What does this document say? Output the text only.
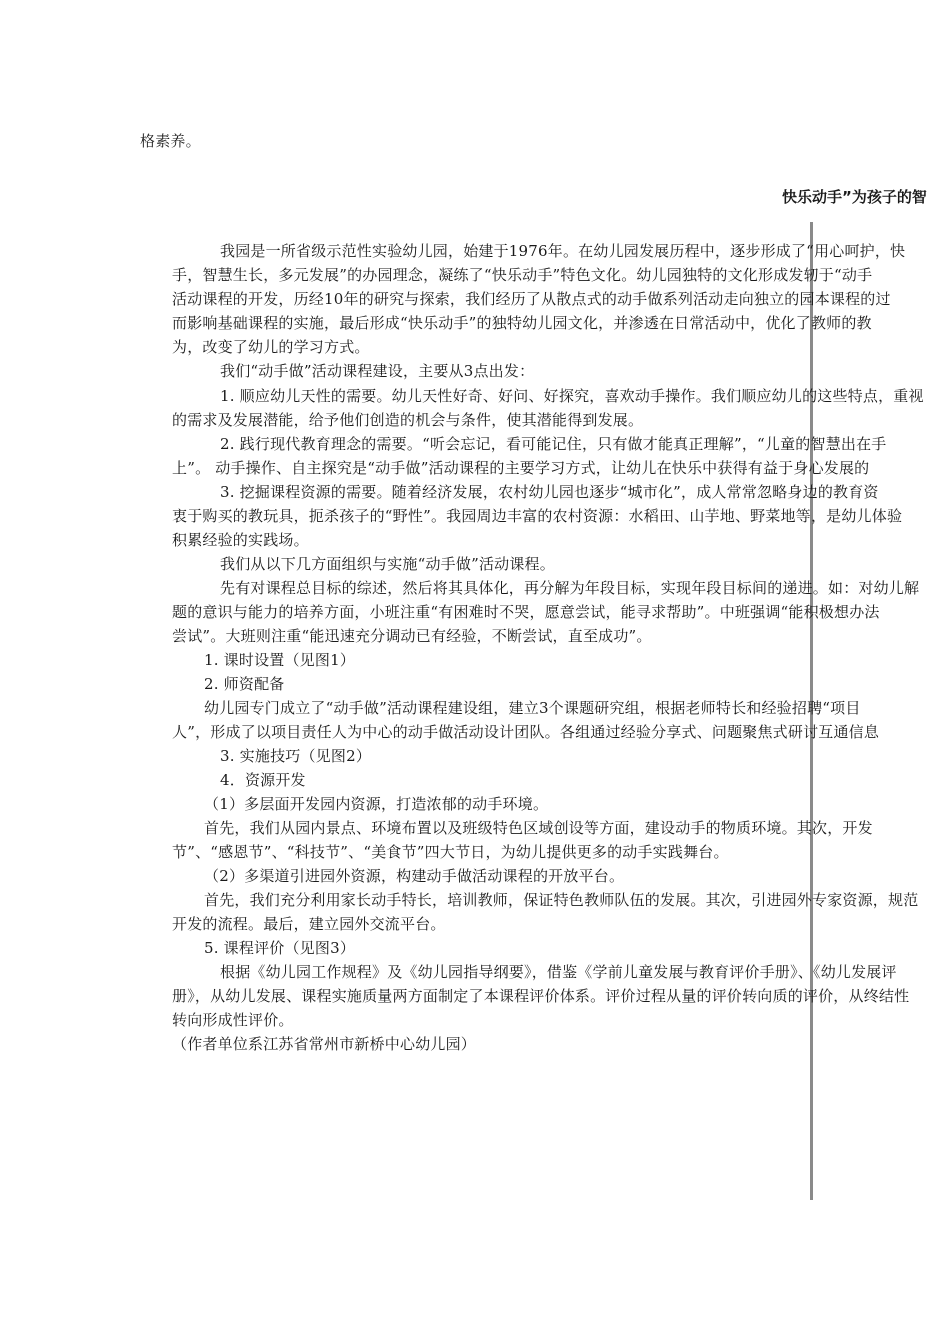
格素养。
快乐动手”为孩子的智
我园是一所省级示范性实验幼儿园，始建于1976年。在幼儿园发展历程中，逐步形成了“用心呵护，快
手，智慧生长，多元发展”的办园理念，凝练了“快乐动手”特色文化。幼儿园独特的文化形成发轫于“动手
活动课程的开发，历经10年的研究与探索，我们经历了从散点式的动手做系列活动走向独立的园本课程的过
而影响基础课程的实施，最后形成“快乐动手”的独特幼儿园文化，并渗透在日常活动中，优化了教师的教
为，改变了幼儿的学习方式。
我们“动手做”活动课程建设，主要从3点出发：
1. 顺应幼儿天性的需要。幼儿天性好奇、好问、好探究，喜欢动手操作。我们顺应幼儿的这些特点，重视
的需求及发展潜能，给予他们创造的机会与条件，使其潜能得到发展。
2. 践行现代教育理念的需要。“听会忘记，看可能记住，只有做才能真正理解”，“儿童的智慧出在手
上”。 动手操作、自主探究是“动手做”活动课程的主要学习方式，让幼儿在快乐中获得有益于身心发展的
3. 挖掘课程资源的需要。随着经济发展，农村幼儿园也逐步“城市化”，成人常常忽略身边的教育资
衷于购买的教玩具，扼杀孩子的“野性”。我园周边丰富的农村资源：水稻田、山芋地、野菜地等，是幼儿体验
积累经验的实践场。
我们从以下几方面组织与实施“动手做”活动课程。
先有对课程总目标的综述，然后将其具体化，再分解为年段目标，实现年段目标间的递进。如：对幼儿解
题的意识与能力的培养方面，小班注重“有困难时不哭，愿意尝试，能寻求帮助”。中班强调“能积极想办法
尝试”。大班则注重“能迅速充分调动已有经验，不断尝试，直至成功”。
1. 课时设置（见图1）
2. 师资配备
幼儿园专门成立了“动手做”活动课程建设组，建立3个课题研究组，根据老师特长和经验招聘“项目
人”，形成了以项目责任人为中心的动手做活动设计团队。各组通过经验分享式、问题聚焦式研讨互通信息
3. 实施技巧（见图2）
4．资源开发
（1）多层面开发园内资源，打造浓郁的动手环境。
首先，我们从园内景点、环境布置以及班级特色区域创设等方面，建设动手的物质环境。其次，开发
节”、“感恩节”、“科技节”、“美食节”四大节日，为幼儿提供更多的动手实践舞台。
（2）多渠道引进园外资源，构建动手做活动课程的开放平台。
首先，我们充分利用家长动手特长，培训教师，保证特色教师队伍的发展。其次，引进园外专家资源，规范
开发的流程。最后，建立园外交流平台。
5. 课程评价（见图3）
根据《幼儿园工作规程》及《幼儿园指导纲要》，借鉴《学前儿童发展与教育评价手册》、《幼儿发展评
册》，从幼儿发展、课程实施质量两方面制定了本课程评价体系。评价过程从量的评价转向质的评价，从终结性
转向形成性评价。
（作者单位系江苏省常州市新桥中心幼儿园）
